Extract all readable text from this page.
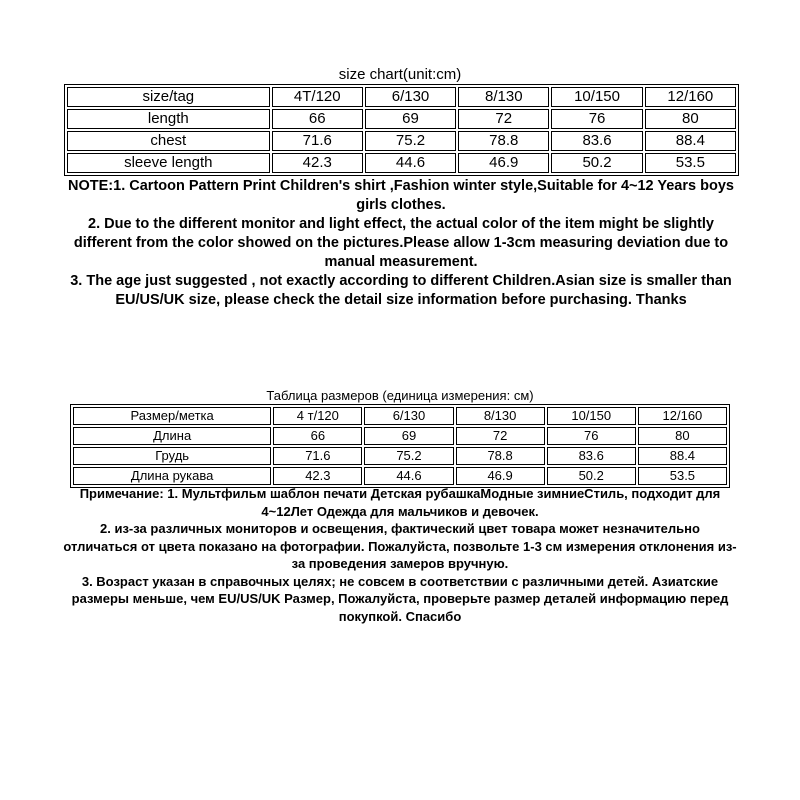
size chart(unit:cm)
size/tag	4T/120	6/130	8/130	10/150	12/160
length	66	69	72	76	80
chest	71.6	75.2	78.8	83.6	88.4
sleeve length	42.3	44.6	46.9	50.2	53.5

NOTE:1. Cartoon Pattern Print Children's shirt ,Fashion winter style,Suitable for 4~12 Years boys girls clothes.

2. Due to the different monitor and light effect, the actual color of the item might be slightly different from the color showed on the pictures.Please allow 1-3cm measuring deviation due to manual measurement.

3. The age just suggested , not exactly according to different Children.Asian size is smaller than EU/US/UK size, please check the detail size information before purchasing. Thanks

Таблица размеров (единица измерения: см)
Размер/метка	4 т/120	6/130	8/130	10/150	12/160
Длина	66	69	72	76	80
Грудь	71.6	75.2	78.8	83.6	88.4
Длина рукава	42.3	44.6	46.9	50.2	53.5

Примечание: 1. Мультфильм шаблон печати Детская рубашкаМодные зимниеСтиль, подходит для 4~12Лет Одежда для мальчиков и девочек.

2. из-за различных мониторов и освещения, фактический цвет товара может незначительно отличаться от цвета показано на фотографии. Пожалуйста, позвольте 1-3 см измерения отклонения из-за проведения замеров вручную.

3. Возраст указан в справочных целях; не совсем в соответствии с различными детей. Азиатские размеры меньше, чем EU/US/UK Размер, Пожалуйста, проверьте размер деталей информацию перед покупкой. Спасибо
